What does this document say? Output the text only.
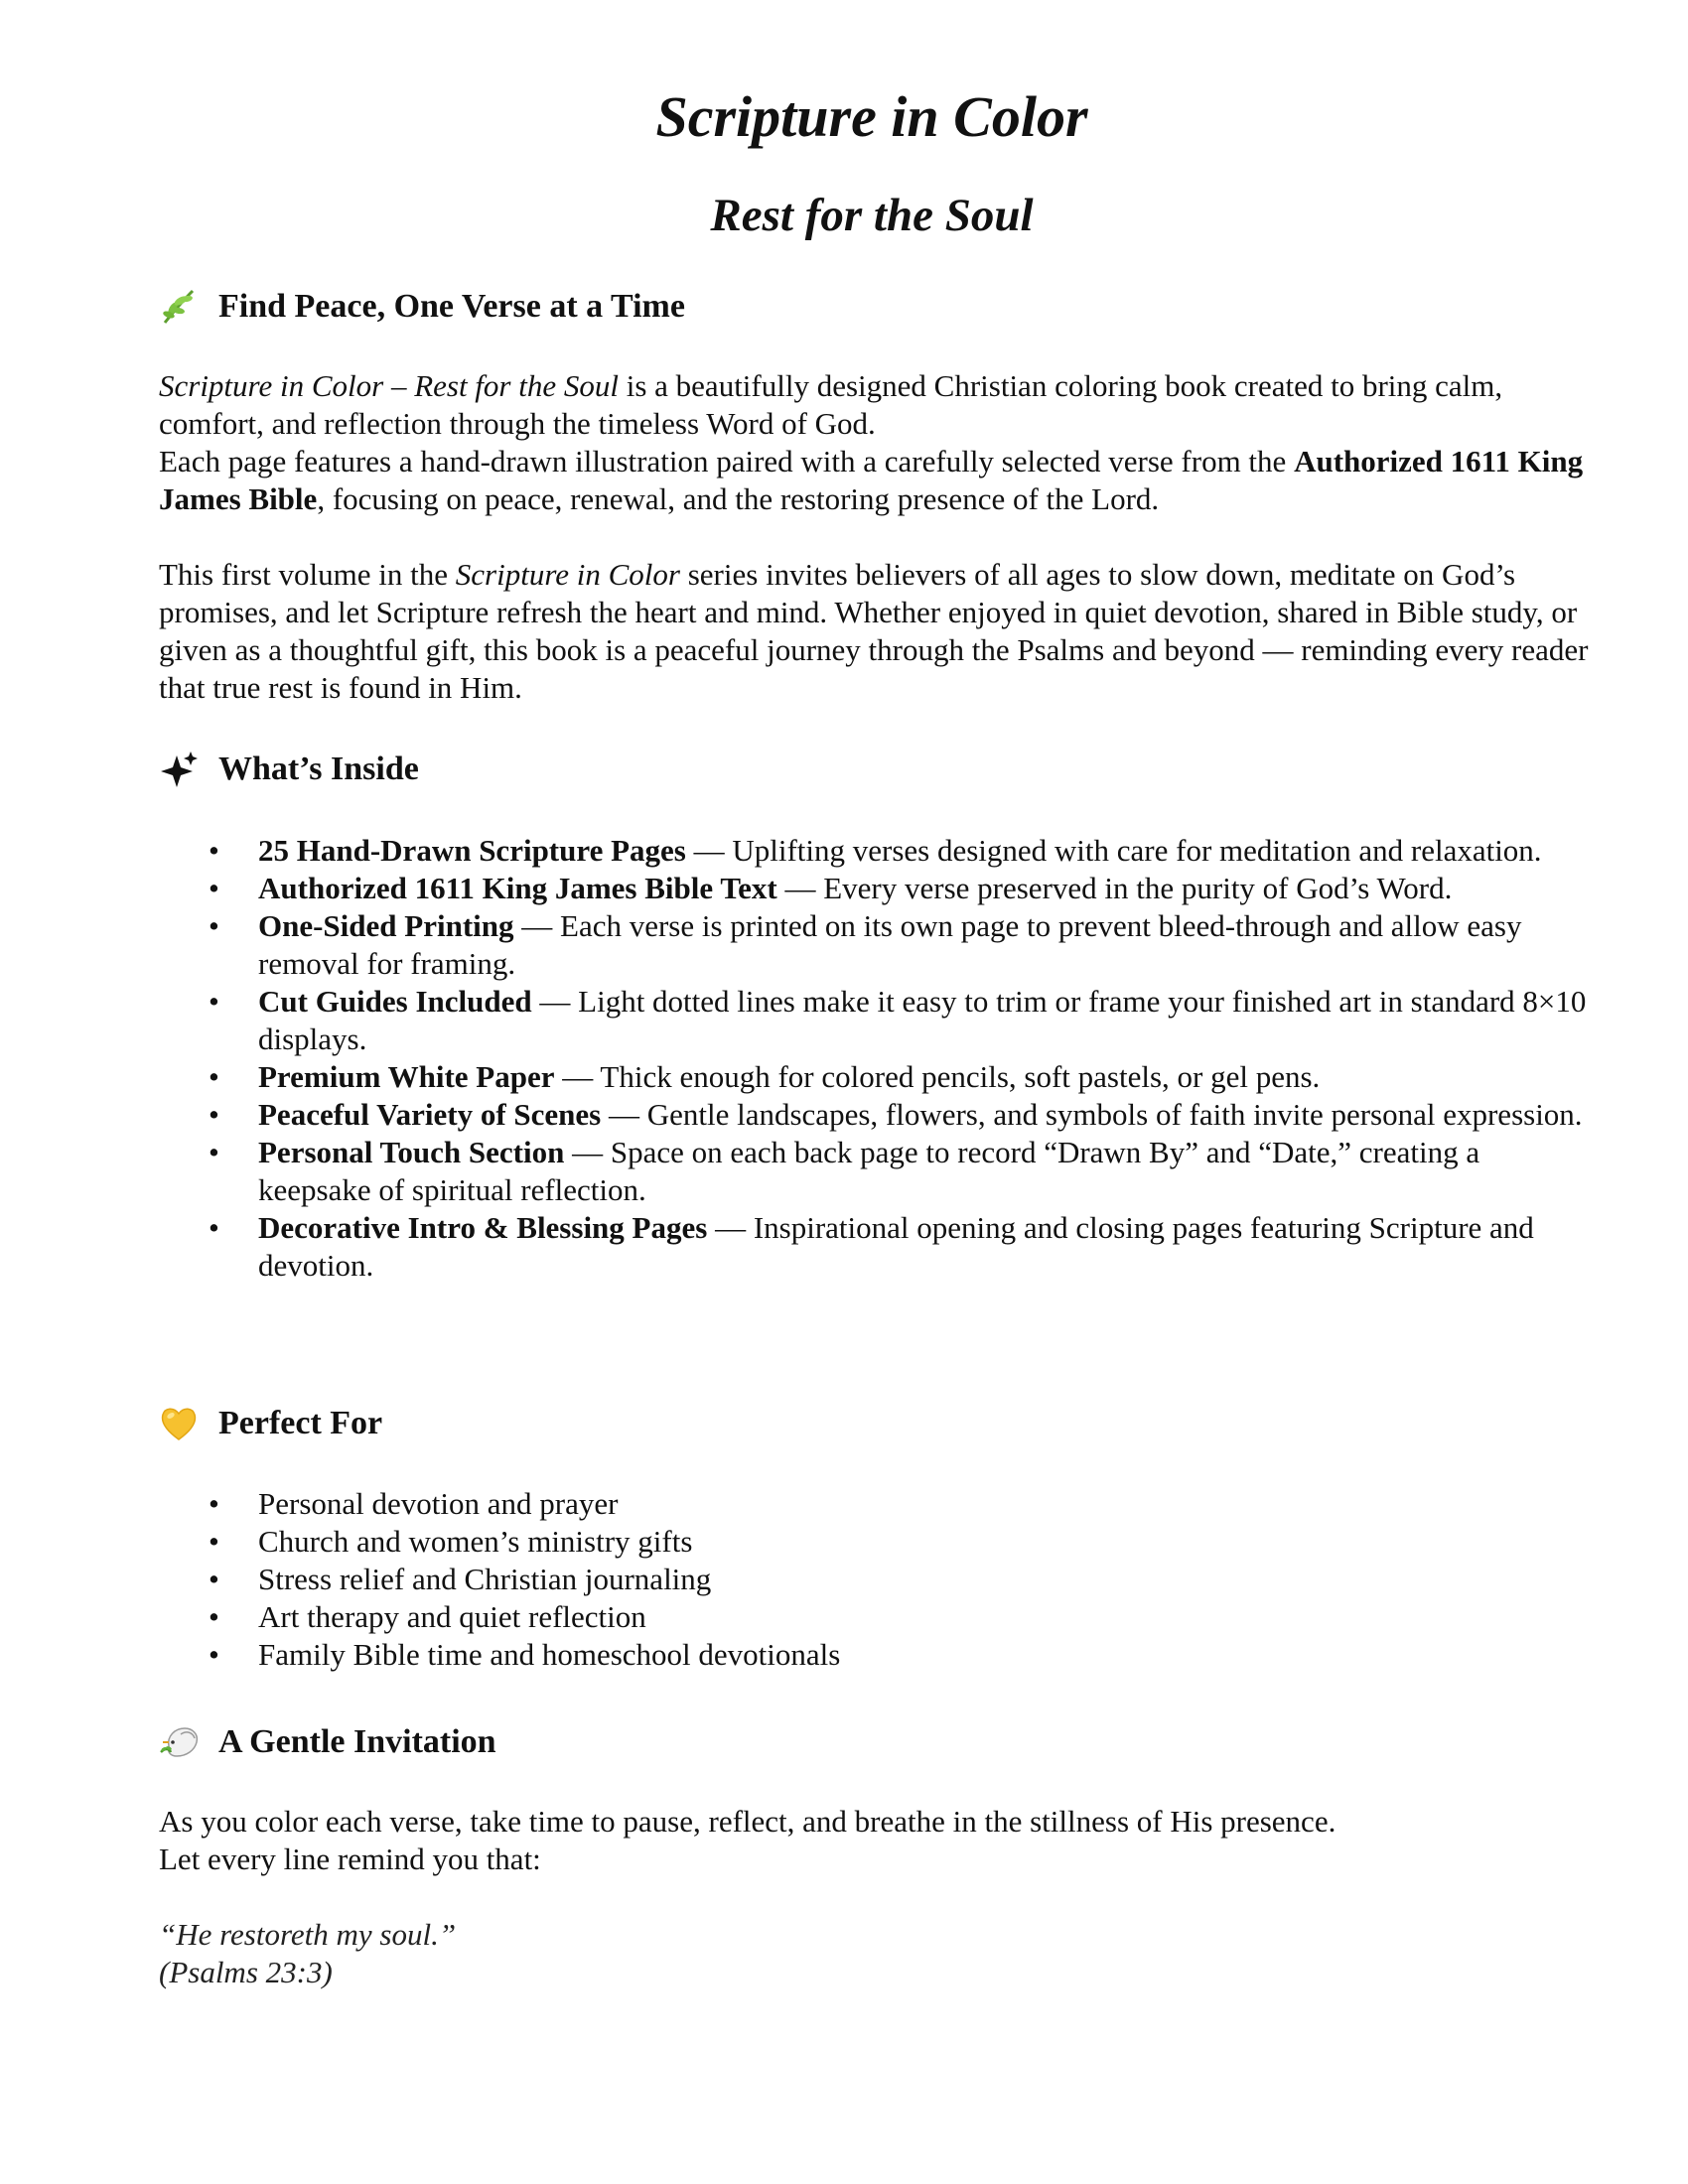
Scripture in Color
Rest for the Soul
Find Peace, One Verse at a Time

Scripture in Color – Rest for the Soul is a beautifully designed Christian coloring book created to bring calm, comfort, and reflection through the timeless Word of God.

Each page features a hand-drawn illustration paired with a carefully selected verse from the Authorized 1611 King James Bible, focusing on peace, renewal, and the restoring presence of the Lord.

This first volume in the Scripture in Color series invites believers of all ages to slow down, meditate on God’s promises, and let Scripture refresh the heart and mind. Whether enjoyed in quiet devotion, shared in Bible study, or given as a thoughtful gift, this book is a peaceful journey through the Psalms and beyond — reminding every reader that true rest is found in Him.

What’s Inside
• 25 Hand-Drawn Scripture Pages — Uplifting verses designed with care for meditation and relaxation.
• Authorized 1611 King James Bible Text — Every verse preserved in the purity of God’s Word.
• One-Sided Printing — Each verse is printed on its own page to prevent bleed-through and allow easy removal for framing.
• Cut Guides Included — Light dotted lines make it easy to trim or frame your finished art in standard 8×10 displays.
• Premium White Paper — Thick enough for colored pencils, soft pastels, or gel pens.
• Peaceful Variety of Scenes — Gentle landscapes, flowers, and symbols of faith invite personal expression.
• Personal Touch Section — Space on each back page to record “Drawn By” and “Date,” creating a keepsake of spiritual reflection.
• Decorative Intro & Blessing Pages — Inspirational opening and closing pages featuring Scripture and devotion.
Perfect For
• Personal devotion and prayer
• Church and women’s ministry gifts
• Stress relief and Christian journaling
• Art therapy and quiet reflection
• Family Bible time and homeschool devotionals
A Gentle Invitation

As you color each verse, take time to pause, reflect, and breathe in the stillness of His presence.
Let every line remind you that:

“He restoreth my soul.”
(Psalms 23:3)
